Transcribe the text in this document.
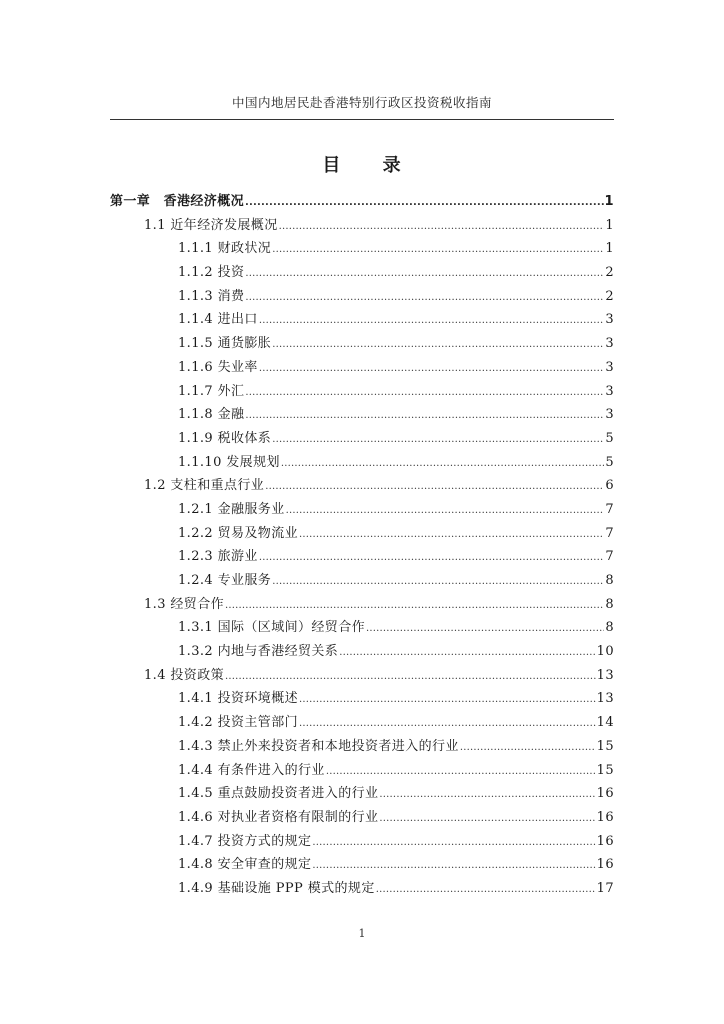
中国内地居民赴香港特别行政区投资税收指南
目 录
第一章　香港经济概况 .....	1
1.1 近年经济发展概况 .....	1
1.1.1 财政状况 .....	1
1.1.2 投资 .....	2
1.1.3 消费 .....	2
1.1.4 进出口 .....	3
1.1.5 通货膨胀 .....	3
1.1.6 失业率 .....	3
1.1.7 外汇 .....	3
1.1.8 金融 .....	3
1.1.9 税收体系 .....	5
1.1.10 发展规划 .....	5
1.2 支柱和重点行业 .....	6
1.2.1 金融服务业 .....	7
1.2.2 贸易及物流业 .....	7
1.2.3 旅游业 .....	7
1.2.4 专业服务 .....	8
1.3 经贸合作 .....	8
1.3.1 国际（区域间）经贸合作 .....	8
1.3.2 内地与香港经贸关系 .....	10
1.4 投资政策 .....	13
1.4.1 投资环境概述 .....	13
1.4.2 投资主管部门 .....	14
1.4.3 禁止外来投资者和本地投资者进入的行业 .....	15
1.4.4 有条件进入的行业 .....	15
1.4.5 重点鼓励投资者进入的行业 .....	16
1.4.6 对执业者资格有限制的行业 .....	16
1.4.7 投资方式的规定 .....	16
1.4.8 安全审查的规定 .....	16
1.4.9 基础设施 PPP 模式的规定 .....	17
1
